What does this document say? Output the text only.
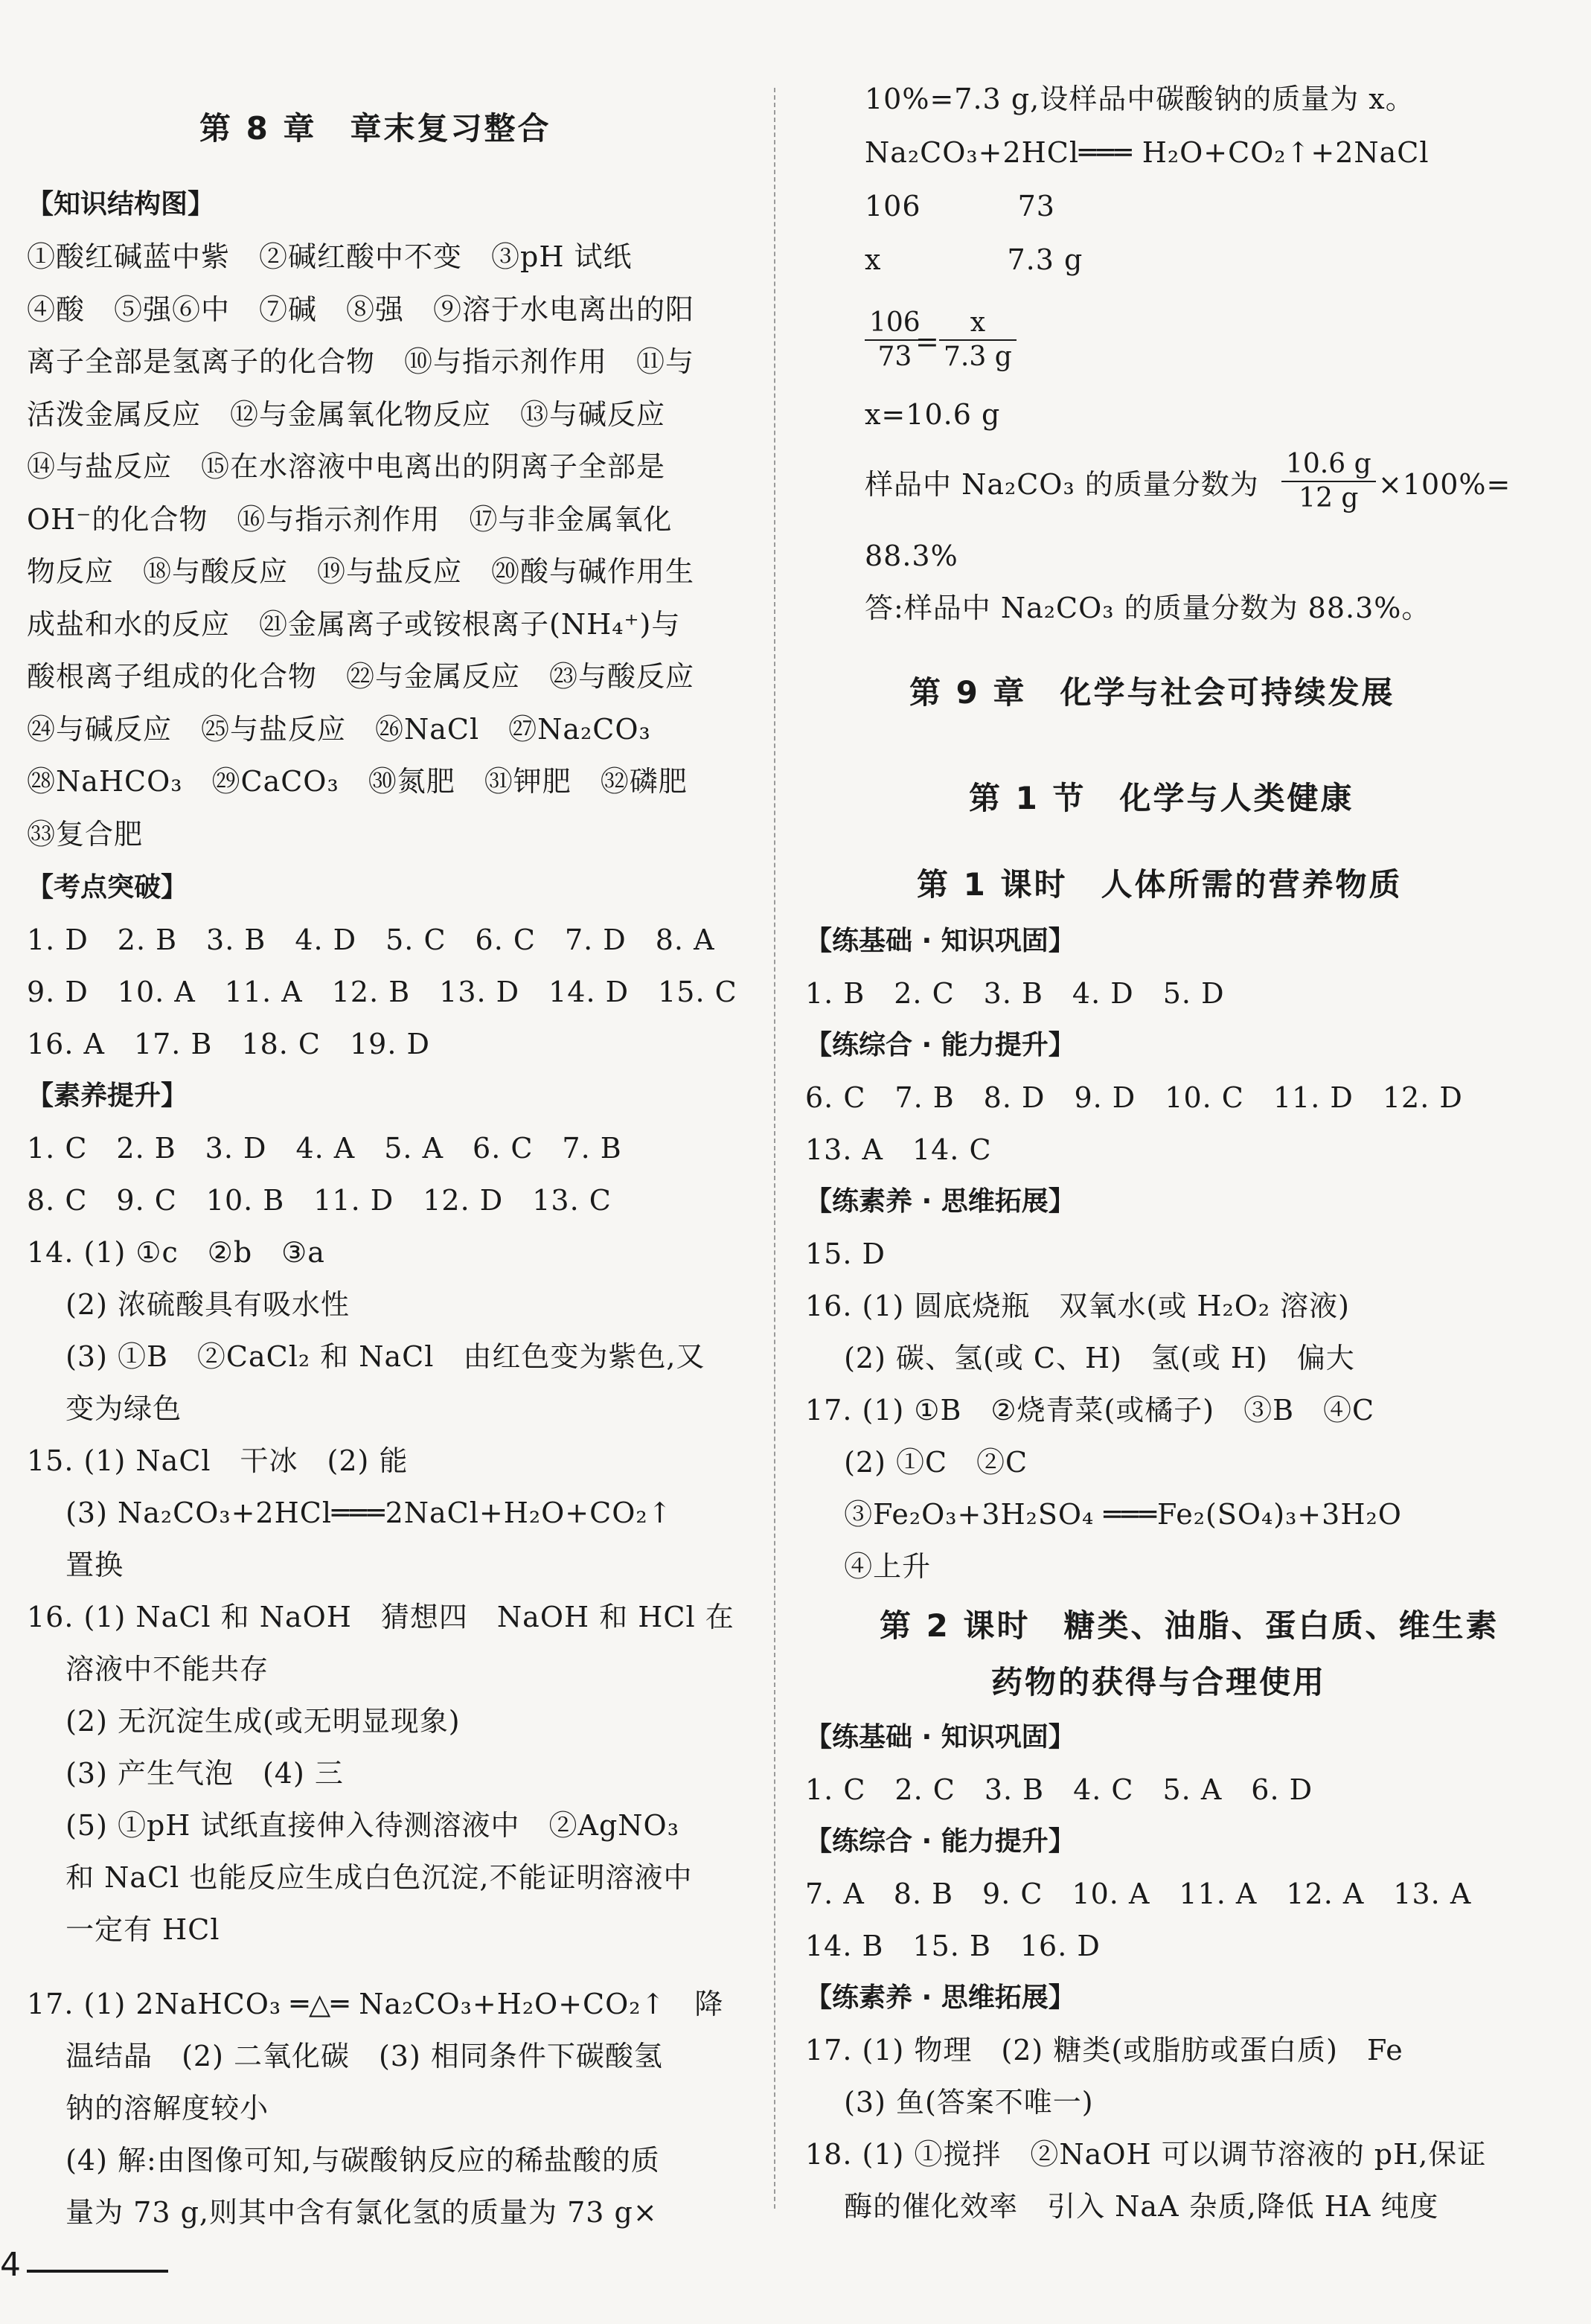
第 8 章　章末复习整合
【知识结构图】
①酸红碱蓝中紫　②碱红酸中不变　③pH 试纸
④酸　⑤强⑥中　⑦碱　⑧强　⑨溶于水电离出的阳
离子全部是氢离子的化合物　⑩与指示剂作用　⑪与
活泼金属反应　⑫与金属氧化物反应　⑬与碱反应
⑭与盐反应　⑮在水溶液中电离出的阴离子全部是
OH⁻的化合物　⑯与指示剂作用　⑰与非金属氧化
物反应　⑱与酸反应　⑲与盐反应　⑳酸与碱作用生
成盐和水的反应　㉑金属离子或铵根离子(NH₄⁺)与
酸根离子组成的化合物　㉒与金属反应　㉓与酸反应
㉔与碱反应　㉕与盐反应　㉖NaCl　㉗Na₂CO₃
㉘NaHCO₃　㉙CaCO₃　㉚氮肥　㉛钾肥　㉜磷肥
㉝复合肥
【考点突破】
1. D　2. B　3. B　4. D　5. C　6. C　7. D　8. A
9. D　10. A　11. A　12. B　13. D　14. D　15. C
16. A　17. B　18. C　19. D
【素养提升】
1. C　2. B　3. D　4. A　5. A　6. C　7. B
8. C　9. C　10. B　11. D　12. D　13. C
14. (1) ①c　②b　③a
　 (2) 浓硫酸具有吸水性
　 (3) ①B　②CaCl₂ 和 NaCl　由红色变为紫色,又
　 变为绿色
15. (1) NaCl　干冰　(2) 能
　 (3) Na₂CO₃+2HCl═══2NaCl+H₂O+CO₂↑
　 置换
16. (1) NaCl 和 NaOH　猜想四　NaOH 和 HCl 在
　 溶液中不能共存
　 (2) 无沉淀生成(或无明显现象)
　 (3) 产生气泡　(4) 三
　 (5) ①pH 试纸直接伸入待测溶液中　②AgNO₃
　 和 NaCl 也能反应生成白色沉淀,不能证明溶液中
　 一定有 HCl
17. (1) 2NaHCO₃ ═△═ Na₂CO₃+H₂O+CO₂↑　降
　 温结晶　(2) 二氧化碳　(3) 相同条件下碳酸氢
　 钠的溶解度较小
　 (4) 解:由图像可知,与碳酸钠反应的稀盐酸的质
　 量为 73 g,则其中含有氯化氢的质量为 73 g×
4
10%=7.3 g,设样品中碳酸钠的质量为 x。
Na₂CO₃+2HCl═══ H₂O+CO₂↑+2NaCl
106　　　 73
x　　　　 7.3 g
$\frac{106}{73}$
= $\frac{x}{7.3 g}$
x=10.6 g
样品中 Na₂CO₃ 的质量分数为 $\frac{10.6 g}{12 g} \times 100\%=$
88.3%
答:样品中 Na₂CO₃ 的质量分数为 88.3%。
第 9 章　化学与社会可持续发展
第 1 节　化学与人类健康
第 1 课时　人体所需的营养物质
【练基础 · 知识巩固】
1. B　2. C　3. B　4. D　5. D
【练综合 · 能力提升】
6. C　7. B　8. D　9. D　10. C　11. D　12. D
13. A　14. C
【练素养 · 思维拓展】
15. D
16. (1) 圆底烧瓶　双氧水(或 H₂O₂ 溶液)
　 (2) 碳、氢(或 C、H)　氢(或 H)　偏大
17. (1) ①B　②烧青菜(或橘子)　③B　④C
　 (2) ①C　②C
　 ③Fe₂O₃+3H₂SO₄ ═══Fe₂(SO₄)₃+3H₂O
　 ④上升
第 2 课时　糖类、油脂、蛋白质、维生素
药物的获得与合理使用
【练基础 · 知识巩固】
1. C　2. C　3. B　4. C　5. A　6. D
【练综合 · 能力提升】
7. A　8. B　9. C　10. A　11. A　12. A　13. A
14. B　15. B　16. D
【练素养 · 思维拓展】
17. (1) 物理　(2) 糖类(或脂肪或蛋白质)　Fe
　 (3) 鱼(答案不唯一)
18. (1) ①搅拌　②NaOH 可以调节溶液的 pH,保证
　 酶的催化效率　引入 NaA 杂质,降低 HA 纯度
